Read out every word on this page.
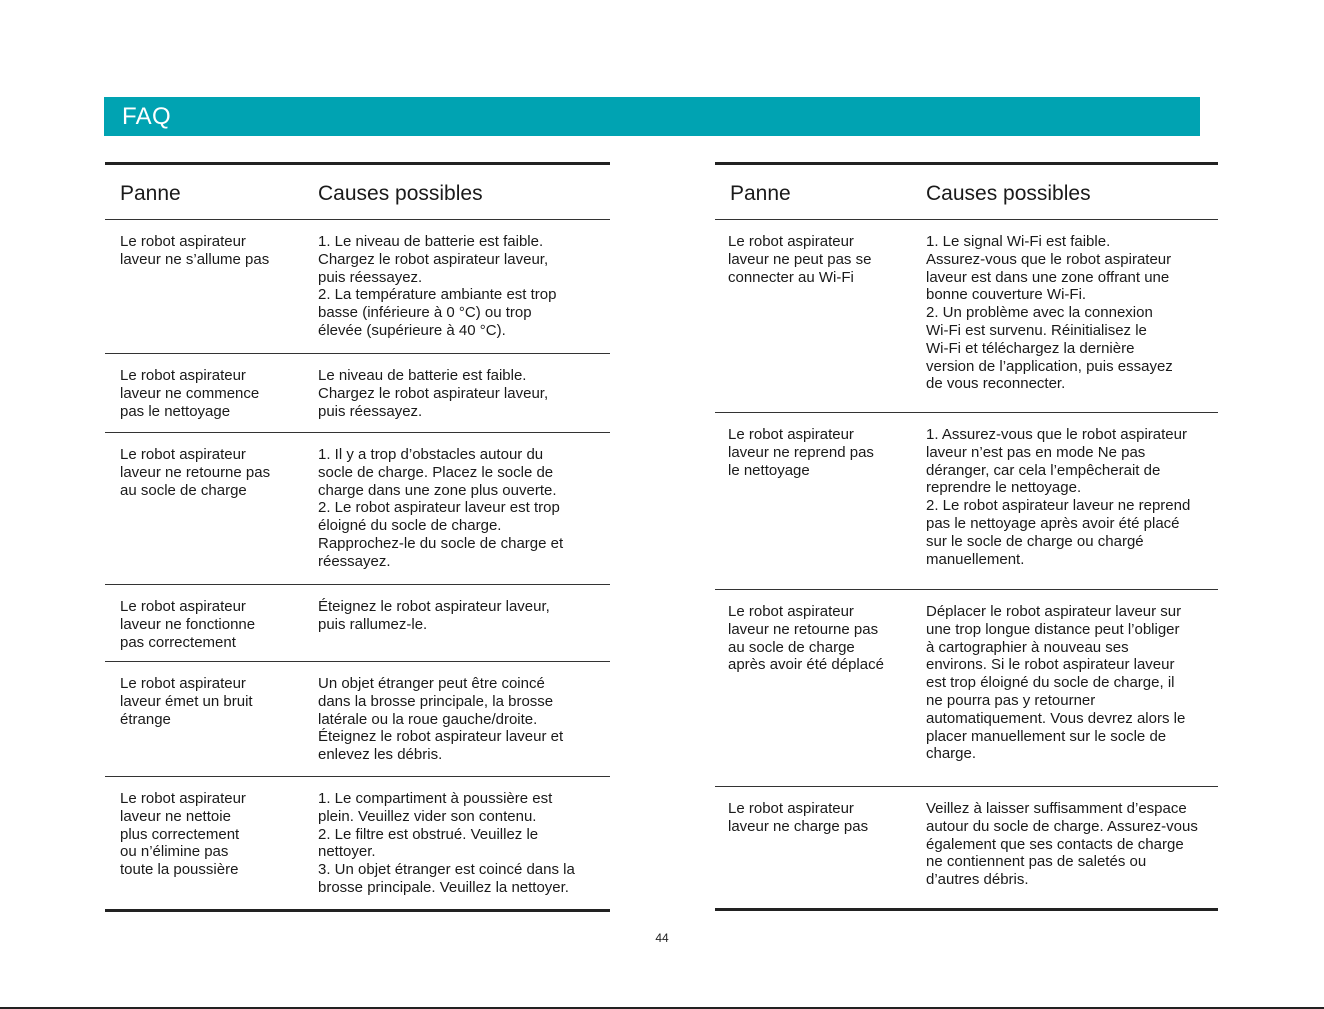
FAQ
Panne	Causes possibles
Le robot aspirateur
laveur ne s’allume pas
1. Le niveau de batterie est faible.
Chargez le robot aspirateur laveur,
puis réessayez.
2. La température ambiante est trop
basse (inférieure à 0 °C) ou trop
élevée (supérieure à 40 °C).
Le robot aspirateur
laveur ne commence
pas le nettoyage
Le niveau de batterie est faible.
Chargez le robot aspirateur laveur,
puis réessayez.
Le robot aspirateur
laveur ne retourne pas
au socle de charge
1. Il y a trop d’obstacles autour du
socle de charge. Placez le socle de
charge dans une zone plus ouverte.
2. Le robot aspirateur laveur est trop
éloigné du socle de charge.
Rapprochez-le du socle de charge et
réessayez.
Le robot aspirateur
laveur ne fonctionne
pas correctement
Éteignez le robot aspirateur laveur,
puis rallumez-le.
Le robot aspirateur
laveur émet un bruit
étrange
Un objet étranger peut être coincé
dans la brosse principale, la brosse
latérale ou la roue gauche/droite.
Éteignez le robot aspirateur laveur et
enlevez les débris.
Le robot aspirateur
laveur ne nettoie
plus correctement
ou n’élimine pas
toute la poussière
1. Le compartiment à poussière est
plein. Veuillez vider son contenu.
2. Le filtre est obstrué. Veuillez le
nettoyer.
3. Un objet étranger est coincé dans la
brosse principale. Veuillez la nettoyer.
Panne	Causes possibles
Le robot aspirateur
laveur ne peut pas se
connecter au Wi-Fi
1. Le signal Wi-Fi est faible.
Assurez-vous que le robot aspirateur
laveur est dans une zone offrant une
bonne couverture Wi-Fi.
2. Un problème avec la connexion
Wi-Fi est survenu. Réinitialisez le
Wi-Fi et téléchargez la dernière
version de l’application, puis essayez
de vous reconnecter.
Le robot aspirateur
laveur ne reprend pas
le nettoyage
1. Assurez-vous que le robot aspirateur
laveur n’est pas en mode Ne pas
déranger, car cela l’empêcherait de
reprendre le nettoyage.
2. Le robot aspirateur laveur ne reprend
pas le nettoyage après avoir été placé
sur le socle de charge ou chargé
manuellement.
Le robot aspirateur
laveur ne retourne pas
au socle de charge
après avoir été déplacé
Déplacer le robot aspirateur laveur sur
une trop longue distance peut l’obliger
à cartographier à nouveau ses
environs. Si le robot aspirateur laveur
est trop éloigné du socle de charge, il
ne pourra pas y retourner
automatiquement. Vous devrez alors le
placer manuellement sur le socle de
charge.
Le robot aspirateur
laveur ne charge pas
Veillez à laisser suffisamment d’espace
autour du socle de charge. Assurez-vous
également que ses contacts de charge
ne contiennent pas de saletés ou
d’autres débris.
44
